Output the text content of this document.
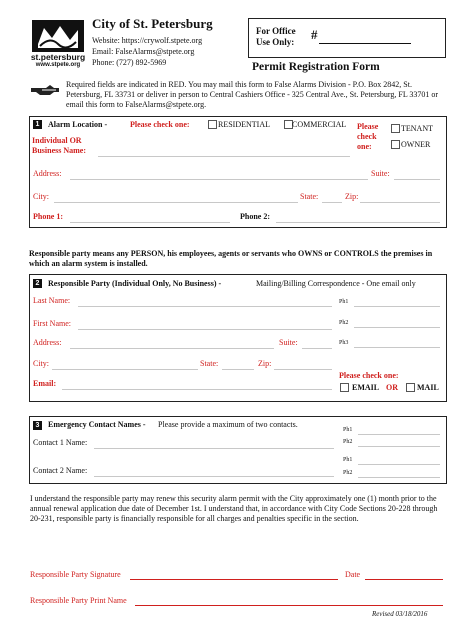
st.petersburg
www.stpete.org
City of St. Petersburg
Website: https://crywolf.stpete.org
Email: FalseAlarms@stpete.org
Phone: (727) 892-5969
For Office
Use Only: #
Permit Registration Form
Required fields are indicated in RED. You may mail this form to False Alarms Division - P.O. Box 2842, St. Petersburg, FL 33731 or deliver in person to Central Cashiers Office - 325 Central Ave., St. Petersburg, FL 33701 or email this form to FalseAlarms@stpete.org.
1	Alarm Location -	Please check one:	RESIDENTIAL	COMMERCIAL Please
check
one:
TENANT
OWNER
Individual OR
Business Name:
Address:	Suite:
City:	State:	Zip:
Phone 1:	Phone 2:
Responsible party means any PERSON, his employees, agents or servants who OWNS or CONTROLS the premises in which an alarm system is installed.
2	Responsible Party (Individual Only, No Business) -	Mailing/Billing Correspondence - One email only
Last Name:	Ph1
First Name:	Ph2
Address:	Suite:	Ph3
City:	State:	Zip:
Please check one:
Email:	EMAIL OR MAIL
3	Emergency Contact Names - Please provide a maximum of two contacts.
Contact 1 Name:
Ph1
Ph2
Contact 2 Name:
Ph1
Ph2
I understand the responsible party may renew this security alarm permit with the City approximately one (1) month prior to the annual renewal application due date of December 1st. I understand that, in accordance with City Code Sections 20-228 through 20-231, responsible party is financially responsible for all charges and penalties specific in the section.
Responsible Party Signature	Date
Responsible Party Print Name
Revised 03/18/2016
